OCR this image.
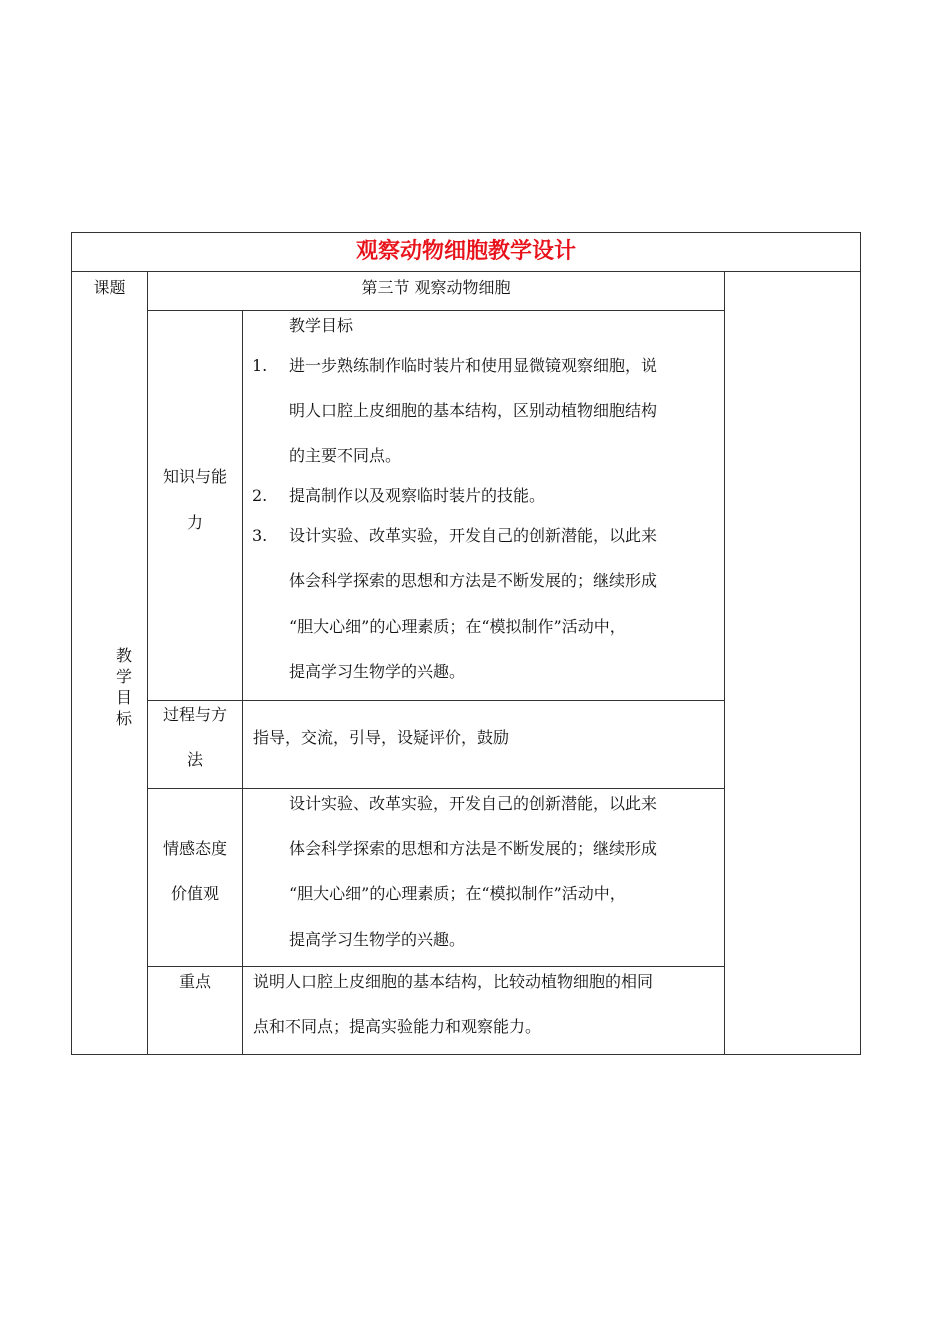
观察动物细胞教学设计
课题	第三节 观察动物细胞
教
学
目
标
知识与能
力
教学目标
1. 进一步熟练制作临时装片和使用显微镜观察细胞，说
明人口腔上皮细胞的基本结构，区别动植物细胞结构
的主要不同点。
2. 提高制作以及观察临时装片的技能。
3. 设计实验、改革实验，开发自己的创新潜能，以此来
体会科学探索的思想和方法是不断发展的；继续形成
“胆大心细”的心理素质；在“模拟制作”活动中，
提高学习生物学的兴趣。
过程与方
法
指导，交流，引导，设疑评价，鼓励
情感态度
价值观
设计实验、改革实验，开发自己的创新潜能，以此来
体会科学探索的思想和方法是不断发展的；继续形成
“胆大心细”的心理素质；在“模拟制作”活动中，
提高学习生物学的兴趣。
重点	说明人口腔上皮细胞的基本结构，比较动植物细胞的相同
点和不同点；提高实验能力和观察能力。
